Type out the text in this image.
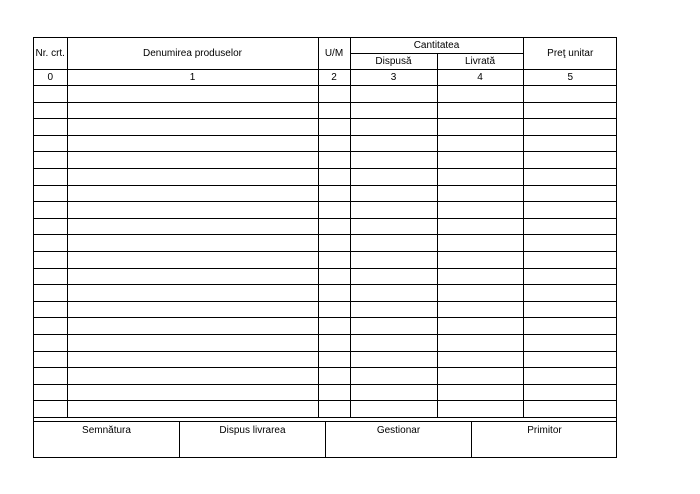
Nr. crt.	Denumirea produselor	U/M	Cantitatea		Preţ unitar
			Dispusă	Livrată	
0	1	2	3	4	5

Semnătura	Dispus livrarea	Gestionar	Primitor
